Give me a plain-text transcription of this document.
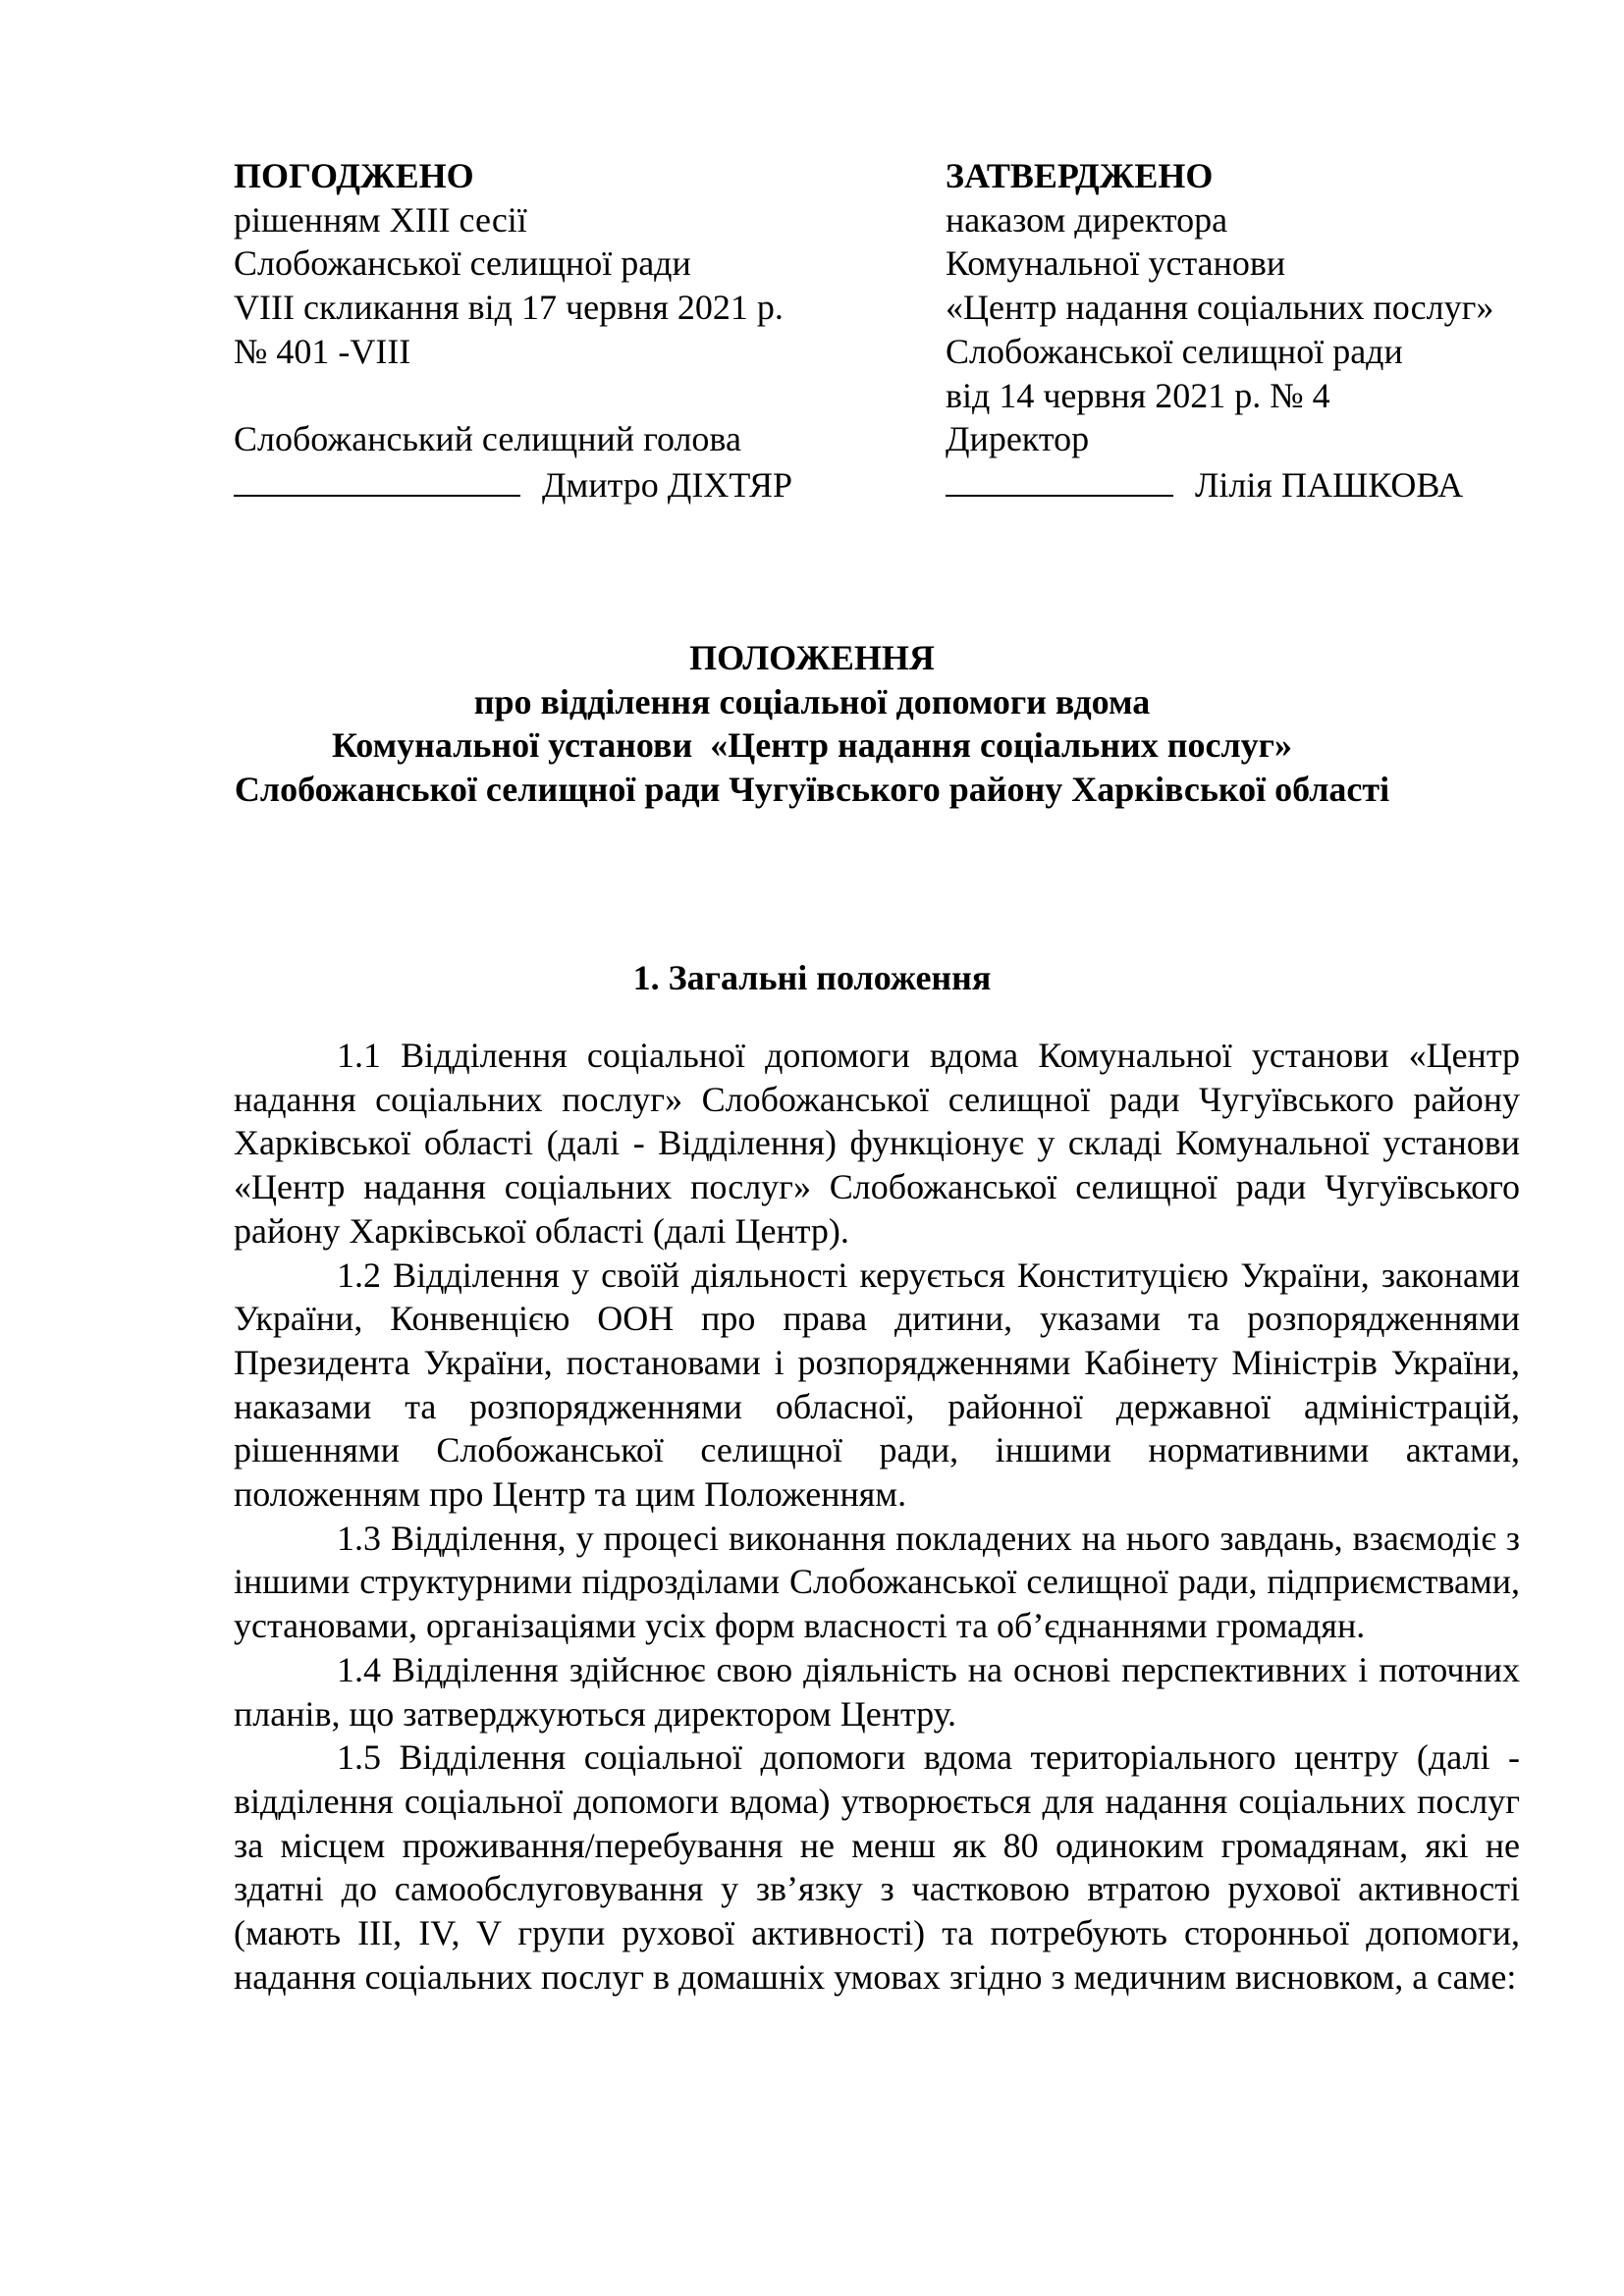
ПОГОДЖЕНО
рішенням XIII сесії
Слобожанської селищної ради
VIII скликання від 17 червня 2021 р.
№ 401 -VIII
Слобожанський селищний голова
Дмитро ДІХТЯР
ЗАТВЕРДЖЕНО
наказом директора
Комунальної установи
«Центр надання соціальних послуг»
Слобожанської селищної ради
від 14 червня 2021 р. № 4
Директор
Лілія ПАШКОВА
ПОЛОЖЕННЯ
про відділення соціальної допомоги вдома
Комунальної установи  «Центр надання соціальних послуг»
Слобожанської селищної ради Чугуївського району Харківської області
1. Загальні положення

1.1 Відділення соціальної допомоги вдома Комунальної установи «Центр надання соціальних послуг» Слобожанської селищної ради Чугуївського району Харківської області (далі - Відділення) функціонує у складі Комунальної установи «Центр надання соціальних послуг» Слобожанської селищної ради Чугуївського району Харківської області (далі Центр).

1.2 Відділення у своїй діяльності керується Конституцією України, законами України, Конвенцією ООН про права дитини, указами та розпорядженнями Президента України, постановами і розпорядженнями Кабінету Міністрів України, наказами та розпорядженнями обласної, районної державної адміністрацій, рішеннями Слобожанської селищної ради, іншими нормативними актами, положенням про Центр та цим Положенням.

1.3 Відділення, у процесі виконання покладених на нього завдань, взаємодіє з іншими структурними підрозділами Слобожанської селищної ради, підприємствами, установами, організаціями усіх форм власності та об’єднаннями громадян.

1.4 Відділення здійснює свою діяльність на основі перспективних і поточних планів, що затверджуються директором Центру.

1.5 Відділення соціальної допомоги вдома територіального центру (далі - відділення соціальної допомоги вдома) утворюється для надання соціальних послуг за місцем проживання/перебування не менш як 80 одиноким громадянам, які не здатні до самообслуговування у зв’язку з частковою втратою рухової активності (мають III, IV, V групи рухової активності) та потребують сторонньої допомоги, надання соціальних послуг в домашніх умовах згідно з медичним висновком, а саме:
